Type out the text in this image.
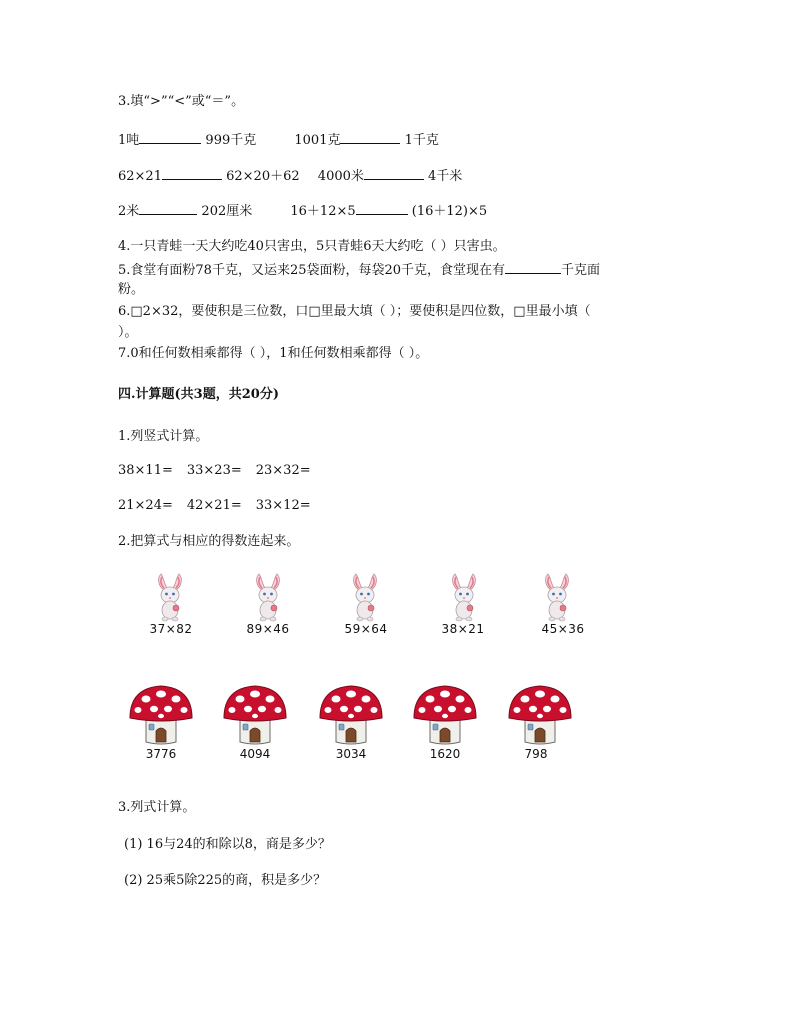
3.填“>”“<”或“＝”。
1吨	999千克	1001克	1千克
62×21	62×20＋62 4000米	4千米
2米	202厘米	16＋12×5	(16＋12)×5
4.一只青蛙一天大约吃40只害虫，5只青蛙6天大约吃（ ）只害虫。
5.食堂有面粉78千克，又运来25袋面粉，每袋20千克，食堂现在有	千克面
粉。
6.□2×32，要使积是三位数，口□里最大填（ ）；要使积是四位数，□里最小填（
）。
7.0和任何数相乘都得（ ），1和任何数相乘都得（ ）。
四.计算题(共3题，共20分)
1.列竖式计算。
38×11= 33×23= 23×32=
21×24= 42×21= 33×12=
2.把算式与相应的得数连起来。
37×82	89×46	59×64	38×21	45×36
3776	4094	3034	1620	798
3.列式计算。
(1) 16与24的和除以8，商是多少？
(2) 25乘5除225的商，积是多少？
